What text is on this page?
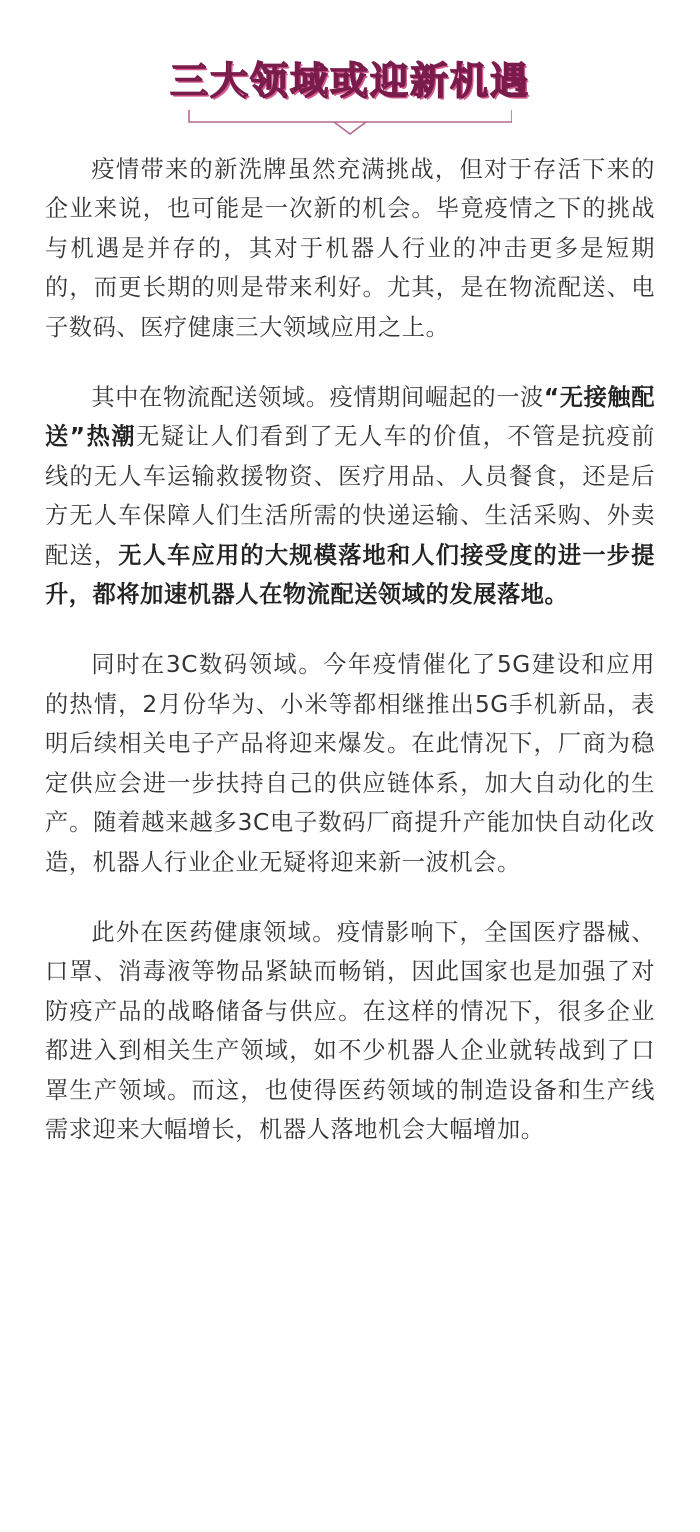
三大领域或迎新机遇

疫情带来的新洗牌虽然充满挑战，但对于存活下来的企业来说，也可能是一次新的机会。毕竟疫情之下的挑战与机遇是并存的，其对于机器人行业的冲击更多是短期的，而更长期的则是带来利好。尤其，是在物流配送、电子数码、医疗健康三大领域应用之上。

其中在物流配送领域。疫情期间崛起的一波“无接触配送”热潮无疑让人们看到了无人车的价值，不管是抗疫前线的无人车运输救援物资、医疗用品、人员餐食，还是后方无人车保障人们生活所需的快递运输、生活采购、外卖配送，无人车应用的大规模落地和人们接受度的进一步提升，都将加速机器人在物流配送领域的发展落地。

同时在3C数码领域。今年疫情催化了5G建设和应用的热情，2月份华为、小米等都相继推出5G手机新品，表明后续相关电子产品将迎来爆发。在此情况下，厂商为稳定供应会进一步扶持自己的供应链体系，加大自动化的生产。随着越来越多3C电子数码厂商提升产能加快自动化改造，机器人行业企业无疑将迎来新一波机会。

此外在医药健康领域。疫情影响下，全国医疗器械、口罩、消毒液等物品紧缺而畅销，因此国家也是加强了对防疫产品的战略储备与供应。在这样的情况下，很多企业都进入到相关生产领域，如不少机器人企业就转战到了口罩生产领域。而这，也使得医药领域的制造设备和生产线需求迎来大幅增长，机器人落地机会大幅增加。
